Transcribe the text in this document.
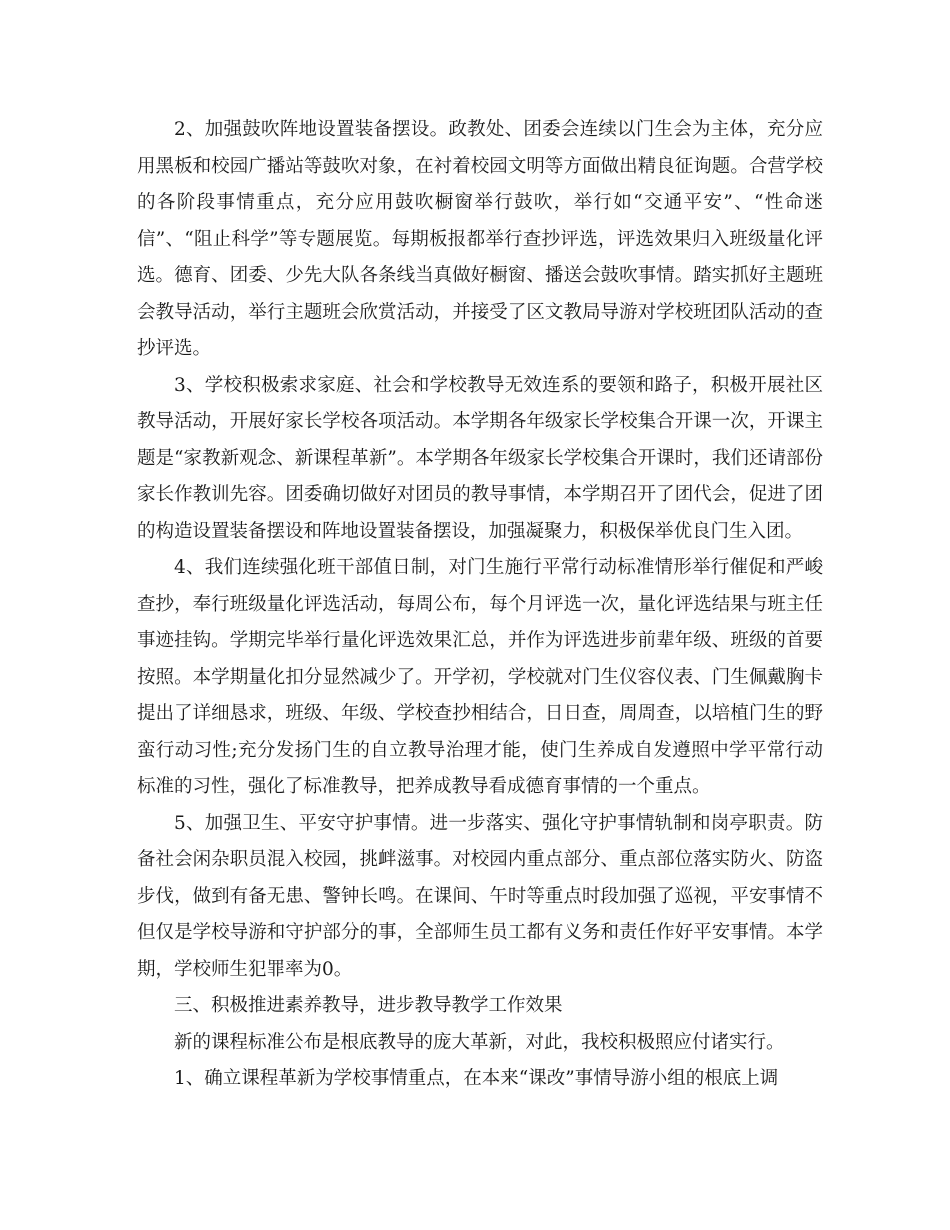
2、加强鼓吹阵地设置装备摆设。政教处、团委会连续以门生会为主体，充分应用黑板和校园广播站等鼓吹对象，在衬着校园文明等方面做出精良征询题。合营学校的各阶段事情重点，充分应用鼓吹橱窗举行鼓吹，举行如“交通平安”、“性命迷信”、“阻止科学”等专题展览。每期板报都举行查抄评选，评选效果归入班级量化评选。德育、团委、少先大队各条线当真做好橱窗、播送会鼓吹事情。踏实抓好主题班会教导活动，举行主题班会欣赏活动，并接受了区文教局导游对学校班团队活动的查抄评选。

3、学校积极索求家庭、社会和学校教导无效连系的要领和路子，积极开展社区教导活动，开展好家长学校各项活动。本学期各年级家长学校集合开课一次，开课主题是“家教新观念、新课程革新”。本学期各年级家长学校集合开课时，我们还请部份家长作教训先容。团委确切做好对团员的教导事情，本学期召开了团代会，促进了团的构造设置装备摆设和阵地设置装备摆设，加强凝聚力，积极保举优良门生入团。

4、我们连续强化班干部值日制，对门生施行平常行动标准情形举行催促和严峻查抄，奉行班级量化评选活动，每周公布，每个月评选一次，量化评选结果与班主任事迹挂钩。学期完毕举行量化评选效果汇总，并作为评选进步前辈年级、班级的首要按照。本学期量化扣分显然减少了。开学初，学校就对门生仪容仪表、门生佩戴胸卡提出了详细恳求，班级、年级、学校查抄相结合，日日查，周周查，以培植门生的野蛮行动习性;充分发扬门生的自立教导治理才能，使门生养成自发遵照中学平常行动标准的习性，强化了标准教导，把养成教导看成德育事情的一个重点。

5、加强卫生、平安守护事情。进一步落实、强化守护事情轨制和岗亭职责。防备社会闲杂职员混入校园，挑衅滋事。对校园内重点部分、重点部位落实防火、防盗步伐，做到有备无患、警钟长鸣。在课间、午时等重点时段加强了巡视，平安事情不但仅是学校导游和守护部分的事，全部师生员工都有义务和责任作好平安事情。本学期，学校师生犯罪率为0。

三、积极推进素养教导，进步教导教学工作效果

新的课程标准公布是根底教导的庞大革新，对此，我校积极照应付诸实行。

1、确立课程革新为学校事情重点，在本来“课改”事情导游小组的根底上调
